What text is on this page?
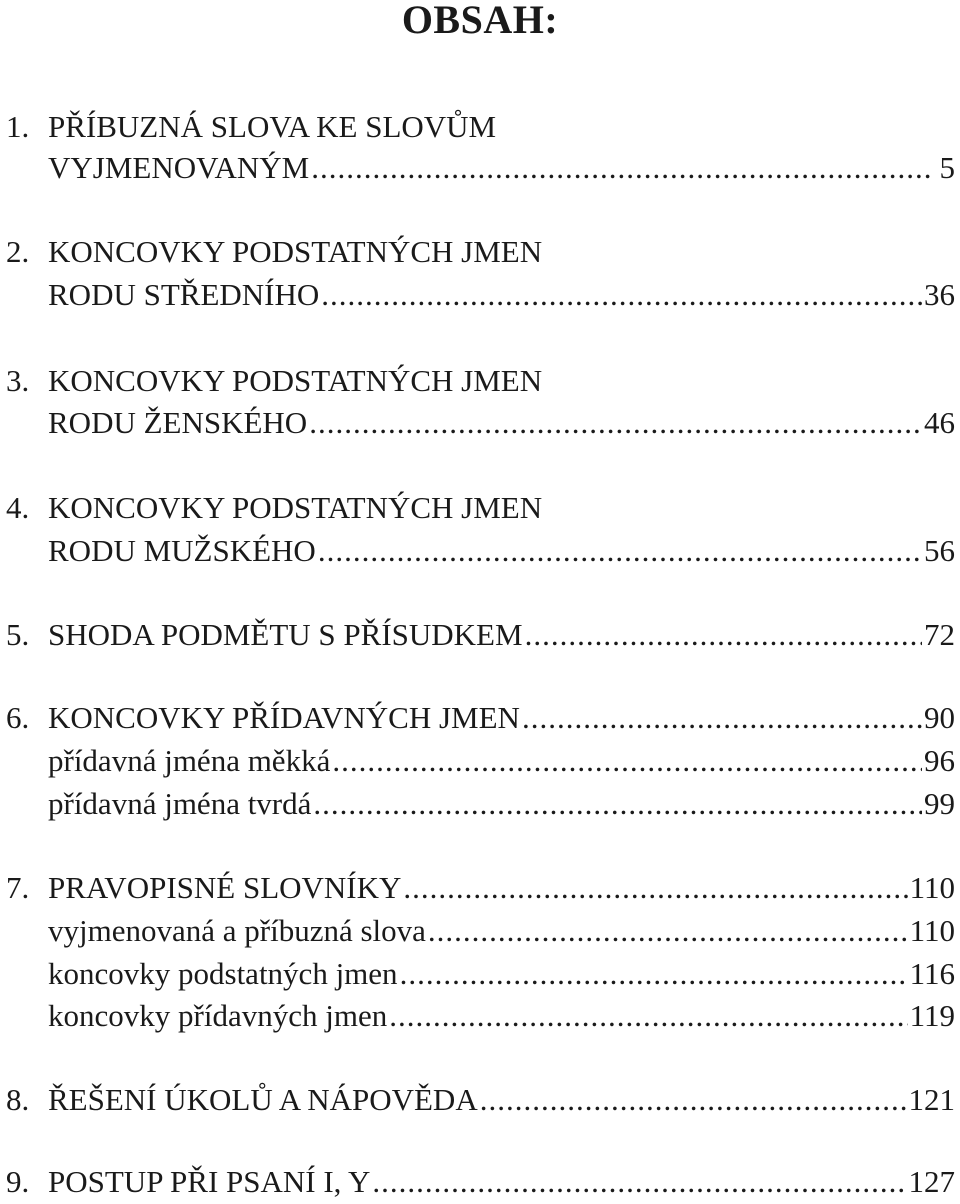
OBSAH:
1. PŘÍBUZNÁ SLOVA KE SLOVŮM
VYJMENOVANÝM .....	5
2. KONCOVKY PODSTATNÝCH JMEN
RODU STŘEDNÍHO .....	36
3. KONCOVKY PODSTATNÝCH JMEN
RODU ŽENSKÉHO .....	46
4. KONCOVKY PODSTATNÝCH JMEN
RODU MUŽSKÉHO .....	56
5. SHODA PODMĚTU S PŘÍSUDKEM .....	72
6. KONCOVKY PŘÍDAVNÝCH JMEN .....	90
přídavná jména měkká .....	96
přídavná jména tvrdá .....	99
7. PRAVOPISNÉ SLOVNÍKY .....	110
vyjmenovaná a příbuzná slova .....	110
koncovky podstatných jmen .....	116
koncovky přídavných jmen .....	119
8. ŘEŠENÍ ÚKOLŮ A NÁPOVĚDA .....	121
9. POSTUP PŘI PSANÍ I, Y .....	127
